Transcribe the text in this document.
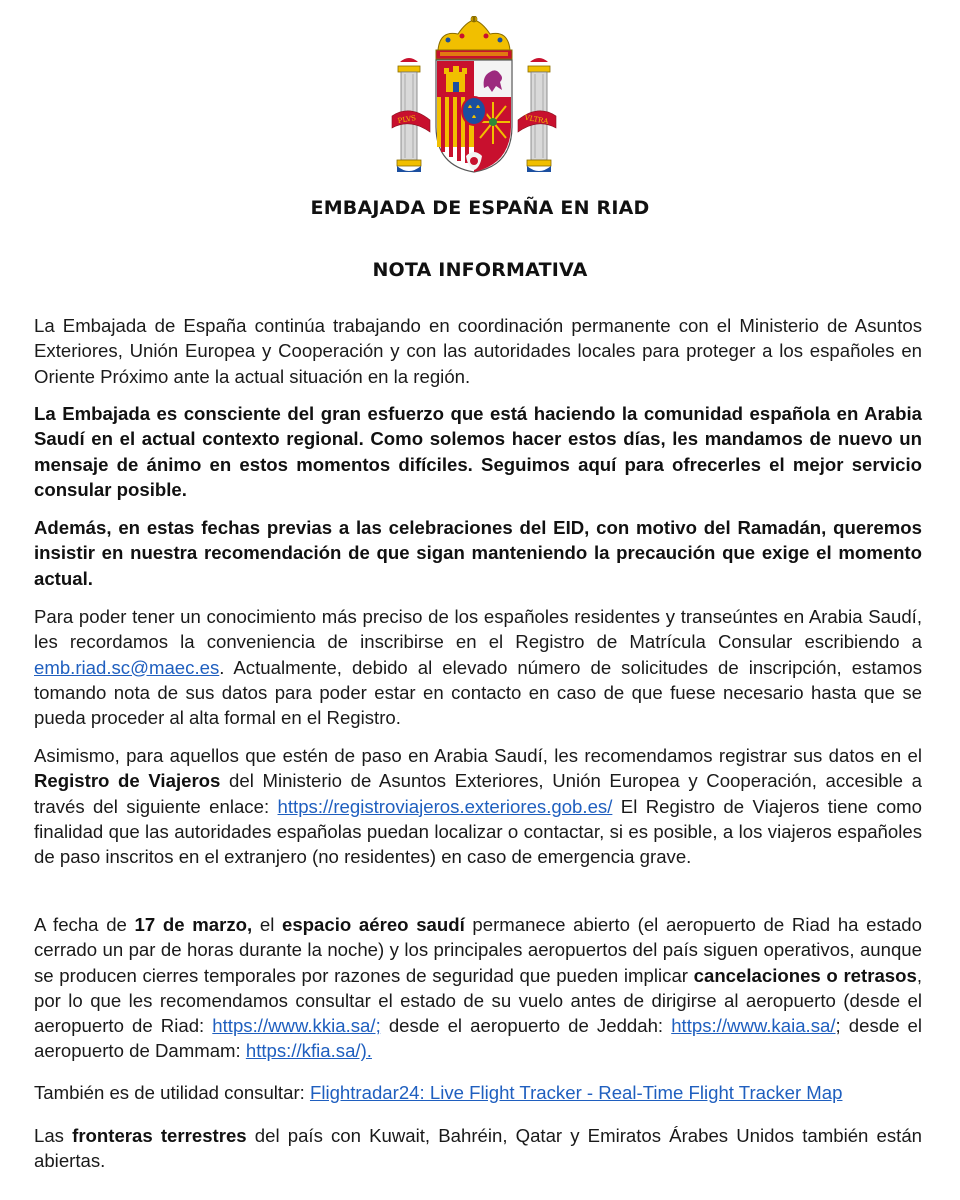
PLVS	VLTRA
EMBAJADA DE ESPAÑA EN RIAD
NOTA INFORMATIVA

La Embajada de España continúa trabajando en coordinación permanente con el Ministerio de Asuntos Exteriores, Unión Europea y Cooperación y con las autoridades locales para proteger a los españoles en Oriente Próximo ante la actual situación en la región.

La Embajada es consciente del gran esfuerzo que está haciendo la comunidad española en Arabia Saudí en el actual contexto regional. Como solemos hacer estos días, les mandamos de nuevo un mensaje de ánimo en estos momentos difíciles. Seguimos aquí para ofrecerles el mejor servicio consular posible.

Además, en estas fechas previas a las celebraciones del EID, con motivo del Ramadán, queremos insistir en nuestra recomendación de que sigan manteniendo la precaución que exige el momento actual.

Para poder tener un conocimiento más preciso de los españoles residentes y transeúntes en Arabia Saudí, les recordamos la conveniencia de inscribirse en el Registro de Matrícula Consular escribiendo a emb.riad.sc@maec.es. Actualmente, debido al elevado número de solicitudes de inscripción, estamos tomando nota de sus datos para poder estar en contacto en caso de que fuese necesario hasta que se pueda proceder al alta formal en el Registro.

Asimismo, para aquellos que estén de paso en Arabia Saudí, les recomendamos registrar sus datos en el Registro de Viajeros del Ministerio de Asuntos Exteriores, Unión Europea y Cooperación, accesible a través del siguiente enlace: https://registroviajeros.exteriores.gob.es/ El Registro de Viajeros tiene como finalidad que las autoridades españolas puedan localizar o contactar, si es posible, a los viajeros españoles de paso inscritos en el extranjero (no residentes) en caso de emergencia grave.

A fecha de 17 de marzo, el espacio aéreo saudí permanece abierto (el aeropuerto de Riad ha estado cerrado un par de horas durante la noche) y los principales aeropuertos del país siguen operativos, aunque se producen cierres temporales por razones de seguridad que pueden implicar cancelaciones o retrasos, por lo que les recomendamos consultar el estado de su vuelo antes de dirigirse al aeropuerto (desde el aeropuerto de Riad: https://www.kkia.sa/; desde el aeropuerto de Jeddah: https://www.kaia.sa/; desde el aeropuerto de Dammam: https://kfia.sa/).

También es de utilidad consultar: Flightradar24: Live Flight Tracker - Real-Time Flight Tracker Map

Las fronteras terrestres del país con Kuwait, Bahréin, Qatar y Emiratos Árabes Unidos también están abiertas.
